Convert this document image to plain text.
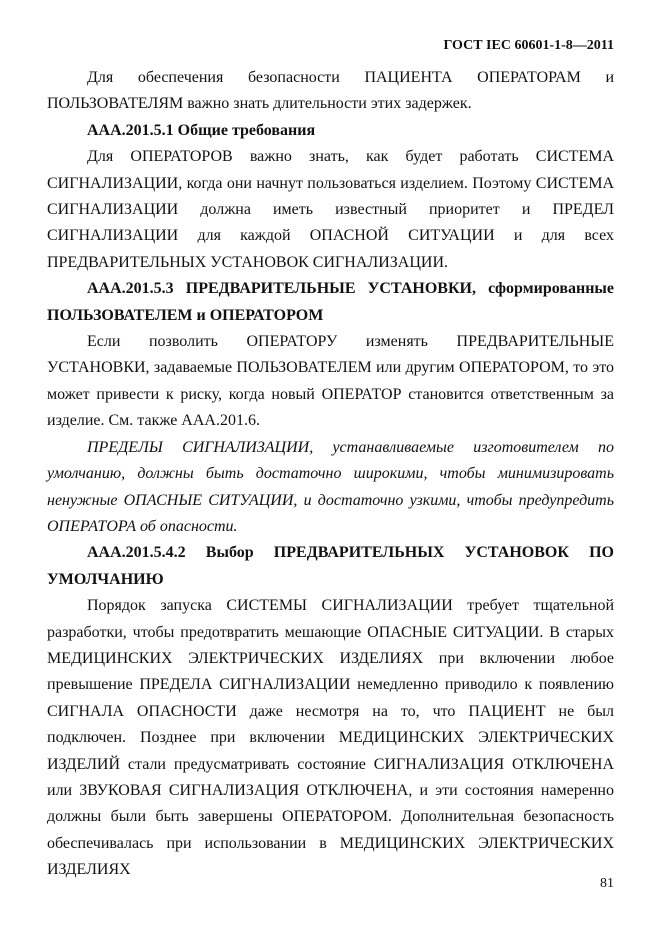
ГОСТ IEC 60601-1-8—2011

Для обеспечения безопасности ПАЦИЕНТА ОПЕРАТОРАМ и ПОЛЬЗОВАТЕЛЯМ важно знать длительности этих задержек.

ААА.201.5.1 Общие требования

Для ОПЕРАТОРОВ важно знать, как будет работать СИСТЕМА СИГНАЛИЗАЦИИ, когда они начнут пользоваться изделием. Поэтому СИСТЕМА СИГНАЛИЗАЦИИ должна иметь известный приоритет и ПРЕДЕЛ СИГНАЛИЗАЦИИ для каждой ОПАСНОЙ СИТУАЦИИ и для всех ПРЕДВАРИТЕЛЬНЫХ УСТАНОВОК СИГНАЛИЗАЦИИ.

ААА.201.5.3 ПРЕДВАРИТЕЛЬНЫЕ УСТАНОВКИ, сформированные ПОЛЬЗОВАТЕЛЕМ и ОПЕРАТОРОМ

Если позволить ОПЕРАТОРУ изменять ПРЕДВАРИТЕЛЬНЫЕ УСТАНОВКИ, задаваемые ПОЛЬЗОВАТЕЛЕМ или другим ОПЕРАТОРОМ, то это может привести к риску, когда новый ОПЕРАТОР становится ответственным за изделие. См. также ААА.201.6.

ПРЕДЕЛЫ СИГНАЛИЗАЦИИ, устанавливаемые изготовителем по умолчанию, должны быть достаточно широкими, чтобы минимизировать ненужные ОПАСНЫЕ СИТУАЦИИ, и достаточно узкими, чтобы предупредить ОПЕРАТОРА об опасности.

ААА.201.5.4.2 Выбор ПРЕДВАРИТЕЛЬНЫХ УСТАНОВОК ПО УМОЛЧАНИЮ

Порядок запуска СИСТЕМЫ СИГНАЛИЗАЦИИ требует тщательной разработки, чтобы предотвратить мешающие ОПАСНЫЕ СИТУАЦИИ. В старых МЕДИЦИНСКИХ ЭЛЕКТРИЧЕСКИХ ИЗДЕЛИЯХ при включении любое превышение ПРЕДЕЛА СИГНАЛИЗАЦИИ немедленно приводило к появлению СИГНАЛА ОПАСНОСТИ даже несмотря на то, что ПАЦИЕНТ не был подключен. Позднее при включении МЕДИЦИНСКИХ ЭЛЕКТРИЧЕСКИХ ИЗДЕЛИЙ стали предусматривать состояние СИГНАЛИЗАЦИЯ ОТКЛЮЧЕНА или ЗВУКОВАЯ СИГНАЛИЗАЦИЯ ОТКЛЮЧЕНА, и эти состояния намеренно должны были быть завершены ОПЕРАТОРОМ. Дополнительная безопасность обеспечивалась при использовании в МЕДИЦИНСКИХ ЭЛЕКТРИЧЕСКИХ ИЗДЕЛИЯХ

81
